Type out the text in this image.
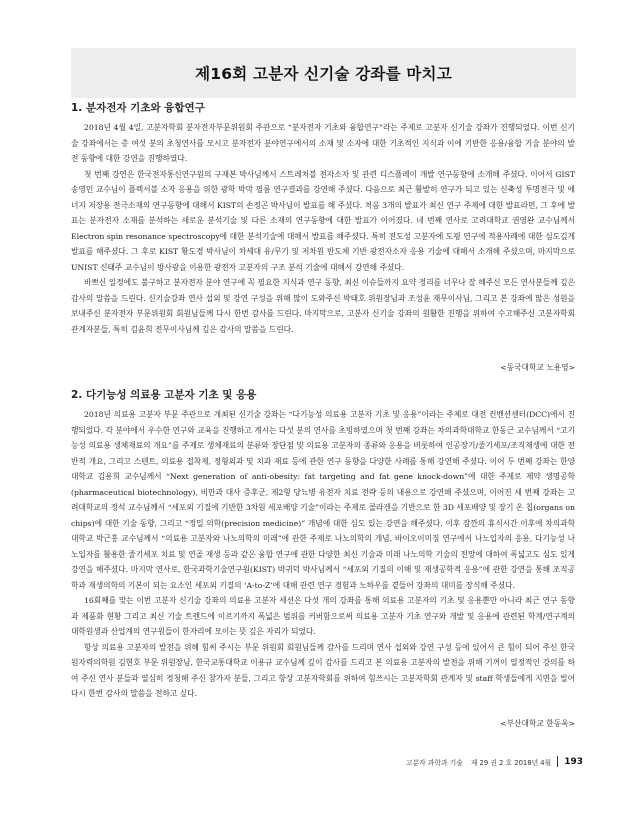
제16회 고분자 신기술 강좌를 마치고
1. 분자전자 기초와 융합연구

2018년 4월 4일, 고분자학회 분자전자부문위원회 주관으로 “분자전자 기초와 융합연구”라는 주제로 고분자 신기술 강좌가 진행되었다. 이번 신기술 강좌에서는 총 여섯 분의 초청연사를 모시고 분자전자 분야연구에서의 소재 및 소자에 대한 기초적인 지식과 이에 기반한 응용/융합 기술 분야의 발전 동향에 대한 강연을 진행하였다.

첫 번째 강연은 한국전자통신연구원의 구재본 박사님께서 스트레처블 전자소자 및 관련 디스플레이 개발 연구동향에 소개해 주셨다. 이어서 GIST 송영민 교수님이 플렉서블 소자 응용을 위한 광학 박막 필름 연구결과를 강연해 주셨다. 다음으로 최근 활발히 연구가 되고 있는 신축성 투명전극 및 에너지 저장용 전극소재의 연구동향에 대해서 KIST의 손정곤 박사님이 발표를 해 주셨다. 처음 3개의 발표가 최신 연구 주제에 대한 발표라면, 그 후에 발표는 분자전자 소재를 분석하는 새로운 분석기술 및 다른 소재의 연구동향에 대한 발표가 이어졌다. 네 번째 연사로 고려대학교 권영완 교수님께서 Electron spin resonance spectroscopy에 대한 분석기술에 대해서 발표를 해주셨다. 특히 전도성 고분자에 도핑 연구에 적용사례에 대한 심도깊게 발표를 해주셨다. 그 후로 KIST 황도경 박사님이 차세대 유/무기 및 저차원 반도체 기반 광전자소자 응용 기술에 대해서 소개해 주셨으며, 마지막으로 UNIST 신태주 교수님이 방사광을 이용한 광전자 고분자의 구조 분석 기술에 대해서 강연해 주셨다.

바쁘신 일정에도 불구하고 분자전자 분야 연구에 꼭 필요한 지식과 연구 동향, 최신 이슈들까지 요약 정리를 너무나 잘 해주신 모든 연사분들께 깊은 감사의 말씀을 드린다. 신기술강좌 연사 섭외 및 강연 구성을 위해 많이 도와주신 박태호 위원장님과 조성윤 재무이사님, 그리고 본 강좌에 많은 성원을 보내주신 분자전자 부문위원회 회원님들께 다시 한번 감사를 드린다. 마지막으로, 고분자 신기술 강좌의 원활한 진행을 위하여 수고해주신 고분자학회 관계자분들, 특히 김윤희 전무이사님께 깊은 감사의 말씀을 드린다.

<동국대학교 노용영>
2. 다기능성 의료용 고분자 기초 및 응용

2018년 의료용 고분자 부문 주관으로 개최된 신기술 강좌는 “다기능성 의료용 고분자 기초 및 응용”이라는 주제로 대전 컨벤션센터(DCC)에서 진행되었다. 각 분야에서 우수한 연구와 교육을 진행하고 계시는 다섯 분의 연사를 초빙하였으며 첫 번째 강좌는 차의과학대학교 한동근 교수님께서 “고기능성 의료용 생체재료의 개요”를 주제로 생체재료의 분류와 장단점 및 의료용 고분자의 종류와 응용을 비롯하여 인공장기/줄기세포/조직재생에 대한 전반적 개요, 그리고 스텐트, 의료용 접착제, 정형외과 및 치과 재료 등에 관한 연구 동향을 다양한 사례를 통해 강연해 주셨다. 이어 두 번째 강좌는 한양대학교 김용희 교수님께서 “Next generation of anti-obesity: fat targeting and fat gene knock-down”에 대한 주제로 제약 생명공학(pharmaceutical biotechnology), 비만과 대사 증후군, 제2형 당뇨병 유전자 치료 전략 등의 내용으로 강연해 주셨으며, 이어진 세 번째 강좌는 고려대학교의 정석 교수님께서 “세포외 기질에 기반한 3차원 세포배양 기술”이라는 주제로 콜라겐을 기반으로 한 3D 세포배양 및 장기 온 칩(organs on chips)에 대한 기술 동향, 그리고 “정밀 의학(precision medicine)” 개념에 대한 심도 있는 강연을 해주셨다. 이후 잠깐의 휴식시간 이후에 차의과학대학교 박근홍 교수님께서 “의료용 고분자와 나노의학의 미래”에 관한 주제로 나노의학의 개념, 바이오이미징 연구에서 나노입자의 응용, 다기능성 나노입자를 활용한 줄기세포 치료 및 연골 재생 등과 같은 융합 연구에 관한 다양한 최신 기술과 미래 나노의학 기술의 전망에 대하여 폭넓고도 심도 있게 강연을 해주셨다. 마지막 연사로, 한국과학기술연구원(KIST) 박귀덕 박사님께서 “세포외 기질의 이해 및 재생공학적 응용”에 관한 강연을 통해 조직공학과 재생의학의 기본이 되는 요소인 세포외 기질의 ‘A-to-Z’에 대해 관련 연구 경험과 노하우를 곁들어 강좌의 대미를 장식해 주셨다.

16회째를 맞는 이번 고분자 신기술 강좌의 의료용 고분자 세션은 다섯 개의 강좌를 통해 의료용 고분자의 기초 및 응용뿐만 아니라 최근 연구 동향과 제품화 현황 그리고 최신 기술 트렌드에 이르기까지 폭넓은 범위를 커버함으로써 의료용 고분자 기초 연구와 개발 및 응용에 관련된 학계/연구계의 대학원생과 산업계의 연구원들이 한자리에 모이는 뜻 깊은 자리가 되었다.

항상 의료용 고분자의 발전을 위해 힘써 주시는 부문 위원회 회원님들께 감사를 드리며 연사 섭외와 강연 구성 등에 있어서 큰 힘이 되어 주신 한국원자력의학원 김현호 부문 위원장님, 한국교통대학교 이용규 교수님께 깊이 감사를 드리고 본 의료용 고분자의 발전을 위해 기꺼이 열정적인 강의를 하여 주신 연사 분들과 열심히 경청해 주신 참가자 분들, 그리고 항상 고분자학회를 위하여 힘쓰시는 고분자학회 관계자 및 staff 학생들에게 지면을 빌어 다시 한번 감사의 말씀을 전하고 싶다.

<부산대학교 한동욱>
고분자 과학과 기술 제 29 권 2 호 2018년 4월 193
